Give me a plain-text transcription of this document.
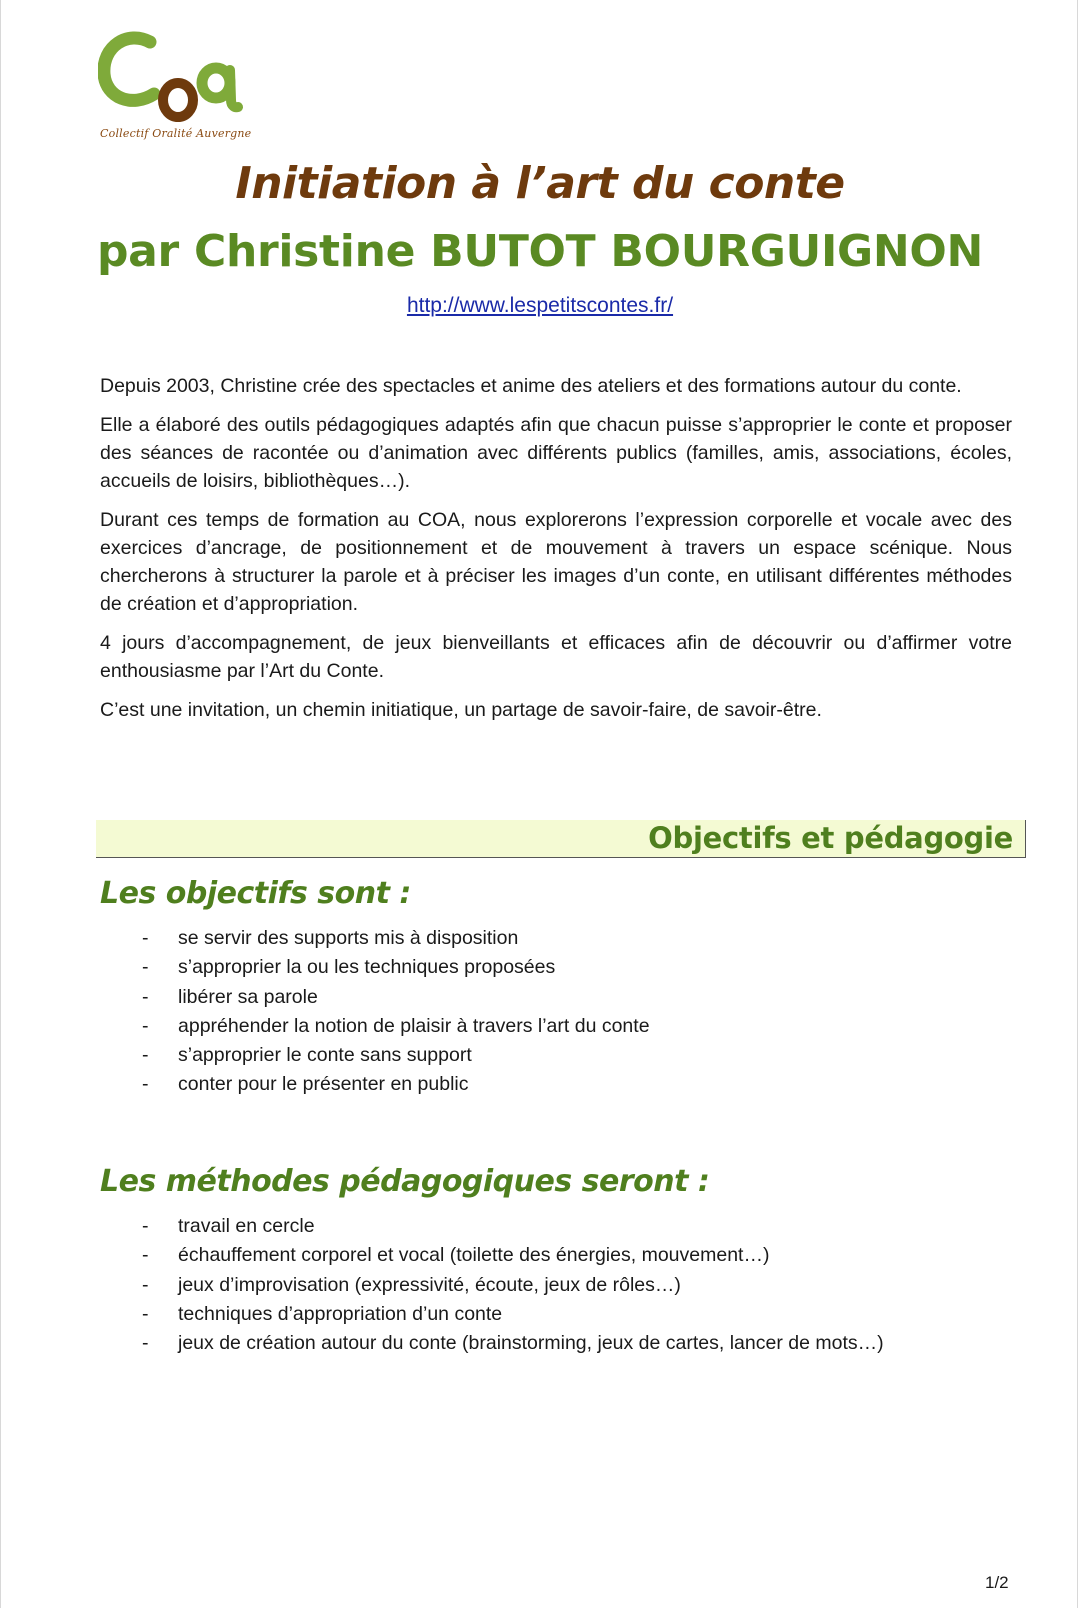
Collectif Oralité Auvergne
Initiation à l’art du conte
par Christine BUTOT BOURGUIGNON
http://www.lespetitscontes.fr/

Depuis 2003, Christine crée des spectacles et anime des ateliers et des formations autour du conte.

Elle a élaboré des outils pédagogiques adaptés afin que chacun puisse s’approprier le conte et proposer des séances de racontée ou d’animation avec différents publics (familles, amis, associations, écoles, accueils de loisirs, bibliothèques…).

Durant ces temps de formation au COA, nous explorerons l’expression corporelle et vocale avec des exercices d’ancrage, de positionnement et de mouvement à travers un espace scénique. Nous chercherons à structurer la parole et à préciser les images d’un conte, en utilisant différentes méthodes de création et d’appropriation.

4 jours d’accompagnement, de jeux bienveillants et efficaces afin de découvrir ou d’affirmer votre enthousiasme par l’Art du Conte.

C’est une invitation, un chemin initiatique, un partage de savoir-faire, de savoir-être.

Objectifs et pédagogie
Les objectifs sont :
- se servir des supports mis à disposition
- s’approprier la ou les techniques proposées
- libérer sa parole
- appréhender la notion de plaisir à travers l’art du conte
- s’approprier le conte sans support
- conter pour le présenter en public
Les méthodes pédagogiques seront :
- travail en cercle
- échauffement corporel et vocal (toilette des énergies, mouvement…)
- jeux d’improvisation (expressivité, écoute, jeux de rôles…)
- techniques d’appropriation d’un conte
- jeux de création autour du conte (brainstorming, jeux de cartes, lancer de mots…)
1/2
